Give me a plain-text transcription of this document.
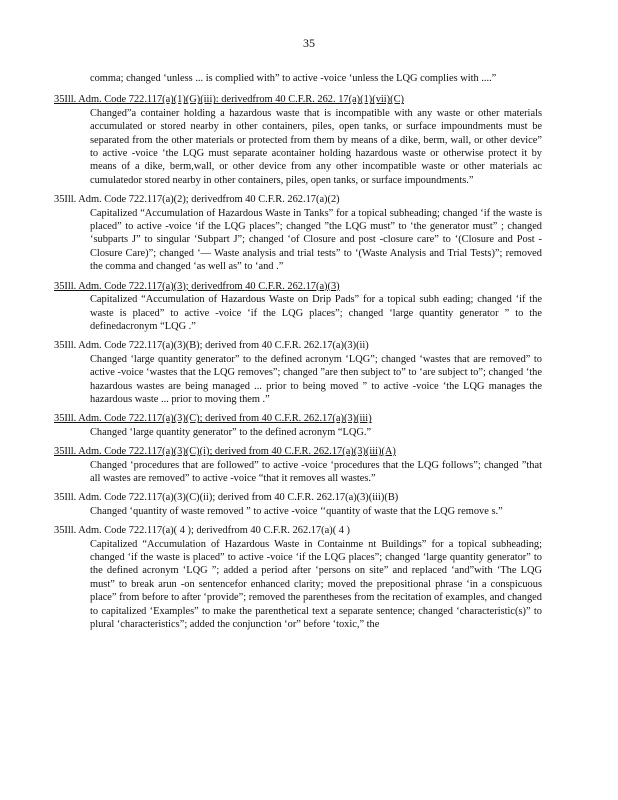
35
comma; changed ‘unless ... is complied with” to active -voice ‘unless the LQG complies with ....”
35Ill. Adm. Code 722.117(a)(1)(G)(iii): derivedfrom 40 C.F.R. 262. 17(a)(1)(vii)(C)
Changed”a container holding a hazardous waste that is incompatible with any waste or other materials accumulated or stored nearby in other containers, piles, open tanks, or surface impoundments must be separated from the other materials or protected from them by means of a dike, berm, wall, or other device” to active -voice ‘the LQG must separate acontainer holding hazardous waste or otherwise protect it by means of a dike, berm,wall, or other device from any other incompatible waste or other materials ac cumulatedor stored nearby in other containers, piles, open tanks, or surface impoundments.”
35Ill. Adm. Code 722.117(a)(2); derivedfrom 40 C.F.R. 262.17(a)(2)
Capitalized “Accumulation of Hazardous Waste in Tanks” for a topical subheading; changed ‘if the waste is placed” to active -voice ‘if the LQG places”; changed ”the LQG must” to ‘the generator must” ; changed ‘subparts J” to singular ‘Subpart J”; changed ‘of Closure and post -closure care” to ‘(Closure and Post -Closure Care)”; changed ‘— Waste analysis and trial tests” to ‘(Waste Analysis and Trial Tests)”; removed the comma and changed ‘as well as” to ‘and .”
35Ill. Adm. Code 722.117(a)(3); derivedfrom 40 C.F.R. 262.17(a)(3)
Capitalized “Accumulation of Hazardous Waste on Drip Pads” for a topical subh eading; changed ‘if the waste is placed” to active -voice ‘if the LQG places”; changed ‘large quantity generator ” to the definedacronym “LQG .”
35Ill. Adm. Code 722.117(a)(3)(B); derived from 40 C.F.R. 262.17(a)(3)(ii)
Changed ‘large quantity generator” to the defined acronym ‘LQG”; changed ‘wastes that are removed” to active -voice ‘wastes that the LQG removes”; changed ”are then subject to” to ‘are subject to”; changed ‘the hazardous wastes are being managed ... prior to being moved ” to active -voice ‘the LQG manages the hazardous waste ... prior to moving them .”
35Ill. Adm. Code 722.117(a)(3)(C); derived from 40 C.F.R. 262.17(a)(3)(iii)
Changed ‘large quantity generator” to the defined acronym “LQG.”
35Ill. Adm. Code 722.117(a)(3)(C)(i); derived from 40 C.F.R. 262.17(a)(3)(iii)(A)
Changed ‘procedures that are followed” to active -voice ‘procedures that the LQG follows”; changed ”that all wastes are removed” to active -voice “that it removes all wastes.”
35Ill. Adm. Code 722.117(a)(3)(C)(ii); derived from 40 C.F.R. 262.17(a)(3)(iii)(B)
Changed ‘quantity of waste removed ” to active -voice ‘‘quantity of waste that the LQG remove s.”
35Ill. Adm. Code 722.117(a)( 4 ); derivedfrom 40 C.F.R. 262.17(a)( 4 )
Capitalized “Accumulation of Hazardous Waste in Containme nt Buildings” for a topical subheading; changed ‘if the waste is placed” to active -voice ‘if the LQG places”; changed ‘large quantity generator” to the defined acronym ‘LQG ”; added a period after ‘persons on site” and replaced ‘and”with ‘The LQG must” to break arun -on sentencefor enhanced clarity; moved the prepositional phrase ‘in a conspicuous place” from before to after ‘provide”; removed the parentheses from the recitation of examples, and changed to capitalized ‘Examples” to make the parenthetical text a separate sentence; changed ‘characteristic(s)” to plural ‘characteristics”; added the conjunction ‘or” before ‘toxic,” the
